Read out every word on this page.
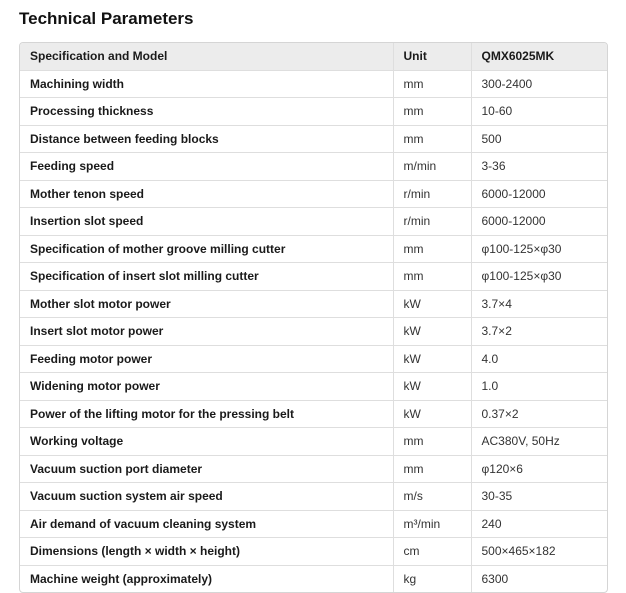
Technical Parameters
Specification and Model	Unit	QMX6025MK
Machining width	mm	300-2400
Processing thickness	mm	10-60
Distance between feeding blocks	mm	500
Feeding speed	m/min	3-36
Mother tenon speed	r/min	6000-12000
Insertion slot speed	r/min	6000-12000
Specification of mother groove milling cutter	mm	φ100-125×φ30
Specification of insert slot milling cutter	mm	φ100-125×φ30
Mother slot motor power	kW	3.7×4
Insert slot motor power	kW	3.7×2
Feeding motor power	kW	4.0
Widening motor power	kW	1.0
Power of the lifting motor for the pressing belt	kW	0.37×2
Working voltage	mm	AC380V, 50Hz
Vacuum suction port diameter	mm	φ120×6
Vacuum suction system air speed	m/s	30-35
Air demand of vacuum cleaning system	m³/min	240
Dimensions (length × width × height)	cm	500×465×182
Machine weight (approximately)	kg	6300
